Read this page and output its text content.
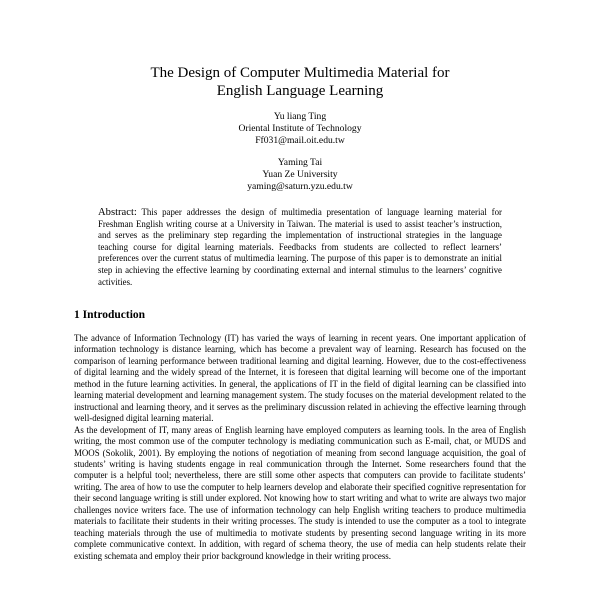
The Design of Computer Multimedia Material for
English Language Learning
Yu liang Ting
Oriental Institute of Technology
Ff031@mail.oit.edu.tw
Yaming Tai
Yuan Ze University
yaming@saturn.yzu.edu.tw
Abstract: This paper addresses the design of multimedia presentation of language learning material for Freshman English writing course at a University in Taiwan. The material is used to assist teacher’s instruction, and serves as the preliminary step regarding the implementation of instructional strategies in the language teaching course for digital learning materials. Feedbacks from students are collected to reflect learners’ preferences over the current status of multimedia learning. The purpose of this paper is to demonstrate an initial step in achieving the effective learning by coordinating external and internal stimulus to the learners’ cognitive activities.
1 Introduction

The advance of Information Technology (IT) has varied the ways of learning in recent years. One important application of information technology is distance learning, which has become a prevalent way of learning. Research has focused on the comparison of learning performance between traditional learning and digital learning. However, due to the cost-effectiveness of digital learning and the widely spread of the Internet, it is foreseen that digital learning will become one of the important method in the future learning activities. In general, the applications of IT in the field of digital learning can be classified into learning material development and learning management system. The study focuses on the material development related to the instructional and learning theory, and it serves as the preliminary discussion related in achieving the effective learning through well-designed digital learning material.

As the development of IT, many areas of English learning have employed computers as learning tools. In the area of English writing, the most common use of the computer technology is mediating communication such as E-mail, chat, or MUDS and MOOS (Sokolik, 2001). By employing the notions of negotiation of meaning from second language acquisition, the goal of students’ writing is having students engage in real communication through the Internet. Some researchers found that the computer is a helpful tool; nevertheless, there are still some other aspects that computers can provide to facilitate students’ writing. The area of how to use the computer to help learners develop and elaborate their specified cognitive representation for their second language writing is still under explored. Not knowing how to start writing and what to write are always two major challenges novice writers face. The use of information technology can help English writing teachers to produce multimedia materials to facilitate their students in their writing processes. The study is intended to use the computer as a tool to integrate teaching materials through the use of multimedia to motivate students by presenting second language writing in its more complete communicative context. In addition, with regard of schema theory, the use of media can help students relate their existing schemata and employ their prior background knowledge in their writing process.
